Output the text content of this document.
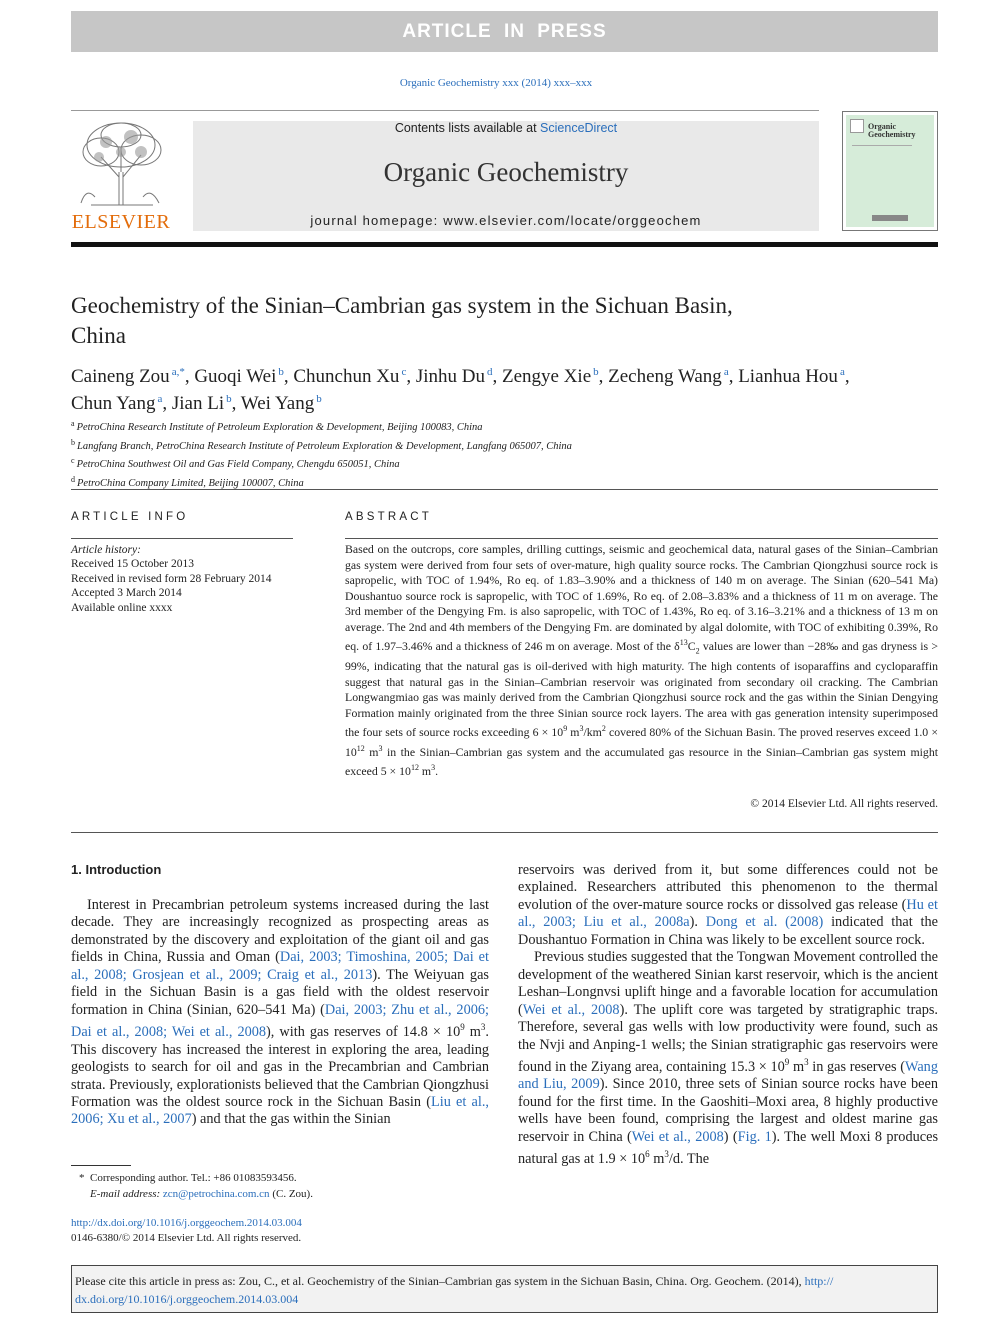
ARTICLE IN PRESS
Organic Geochemistry xxx (2014) xxx–xxx
ELSEVIER
Contents lists available at ScienceDirect
Organic Geochemistry
journal homepage: www.elsevier.com/locate/orggeochem
Organic
Geochemistry
Geochemistry of the Sinian–Cambrian gas system in the Sichuan Basin,
China
Caineng Zou $^{a,*}$, Guoqi Wei $^b$, Chunchun Xu $^c$, Jinhu Du $^d$, Zengye Xie $^b$, Zecheng Wang $^a$, Lianhua Hou $^a$,
Chun Yang $^a$, Jian Li $^b$, Wei Yang $^b$
$^a$ PetroChina Research Institute of Petroleum Exploration & Development, Beijing 100083, China
$^b$ Langfang Branch, PetroChina Research Institute of Petroleum Exploration & Development, Langfang 065007, China
$^c$ PetroChina Southwest Oil and Gas Field Company, Chengdu 650051, China
$^d$ PetroChina Company Limited, Beijing 100007, China
ARTICLE INFO
Article history:
Received 15 October 2013
Received in revised form 28 February 2014
Accepted 3 March 2014
Available online xxxx
ABSTRACT
Based on the outcrops, core samples, drilling cuttings, seismic and geochemical data, natural gases of the Sinian–Cambrian gas system were derived from four sets of over-mature, high quality source rocks. The Cambrian Qiongzhusi source rock is sapropelic, with TOC of 1.94%, Ro eq. of 1.83–3.90% and a thickness of 140 m on average. The Sinian (620–541 Ma) Doushantuo source rock is sapropelic, with TOC of 1.69%, Ro eq. of 2.08–3.83% and a thickness of 11 m on average. The 3rd member of the Dengying Fm. is also sapropelic, with TOC of 1.43%, Ro eq. of 3.16–3.21% and a thickness of 13 m on average. The 2nd and 4th members of the Dengying Fm. are dominated by algal dolomite, with TOC of exhibiting 0.39%, Ro eq. of 1.97–3.46% and a thickness of 246 m on average. Most of the $\delta^{13}C_2$ values are lower than −28‰ and gas dryness is > 99%, indicating that the natural gas is oil-derived with high maturity. The high contents of isoparaffins and cycloparaffin suggest that natural gas in the Sinian–Cambrian reservoir was originated from secondary oil cracking. The Cambrian Longwangmiao gas was mainly derived from the Cambrian Qiongzhusi source rock and the gas within the Sinian Dengying Formation mainly originated from the three Sinian source rock layers. The area with gas generation intensity superimposed the four sets of source rocks exceeding $6 \times 10^9$ $m^3/km^2$ covered 80% of the Sichuan Basin. The proved reserves exceed $1.0 \times 10^{12}$ $m^3$ in the Sinian–Cambrian gas system and the accumulated gas resource in the Sinian–Cambrian gas system might exceed $5 \times 10^{12}$ $m^3$.
© 2014 Elsevier Ltd. All rights reserved.
1. Introduction

Interest in Precambrian petroleum systems increased during the last decade. They are increasingly recognized as prospecting areas as demonstrated by the discovery and exploitation of the giant oil and gas fields in China, Russia and Oman (Dai, 2003; Timoshina, 2005; Dai et al., 2008; Grosjean et al., 2009; Craig et al., 2013). The Weiyuan gas field in the Sichuan Basin is a gas field with the oldest reservoir formation in China (Sinian, 620–541 Ma) (Dai, 2003; Zhu et al., 2006; Dai et al., 2008; Wei et al., 2008), with gas reserves of $14.8 \times 10^9$ $m^3$. This discovery has increased the interest in exploring the area, leading geologists to search for oil and gas in the Precambrian and Cambrian strata. Previously, explorationists believed that the Cambrian Qiongzhusi Formation was the oldest source rock in the Sichuan Basin (Liu et al., 2006; Xu et al., 2007) and that the gas within the Sinian

reservoirs was derived from it, but some differences could not be explained. Researchers attributed this phenomenon to the thermal evolution of the over-mature source rocks or dissolved gas release (Hu et al., 2003; Liu et al., 2008a). Dong et al. (2008) indicated that the Doushantuo Formation in China was likely to be excellent source rock.

Previous studies suggested that the Tongwan Movement controlled the development of the weathered Sinian karst reservoir, which is the ancient Leshan–Longnvsi uplift hinge and a favorable location for accumulation (Wei et al., 2008). The uplift core was targeted by stratigraphic traps. Therefore, several gas wells with low productivity were found, such as the Nvji and Anping-1 wells; the Sinian stratigraphic gas reservoirs were found in the Ziyang area, containing $15.3 \times 10^9$ $m^3$ in gas reserves (Wang and Liu, 2009). Since 2010, three sets of Sinian source rocks have been found for the first time. In the Gaoshiti–Moxi area, 8 highly productive wells have been found, comprising the largest and oldest marine gas reservoir in China (Wei et al., 2008) (Fig. 1). The well Moxi 8 produces natural gas at $1.9 \times 10^6$ $m^3/d$. The

* Corresponding author. Tel.: +86 01083593456.
E-mail address: zcn@petrochina.com.cn (C. Zou).
http://dx.doi.org/10.1016/j.orggeochem.2014.03.004
0146-6380/© 2014 Elsevier Ltd. All rights reserved.
Please cite this article in press as: Zou, C., et al. Geochemistry of the Sinian–Cambrian gas system in the Sichuan Basin, China. Org. Geochem. (2014), http://
dx.doi.org/10.1016/j.orggeochem.2014.03.004
